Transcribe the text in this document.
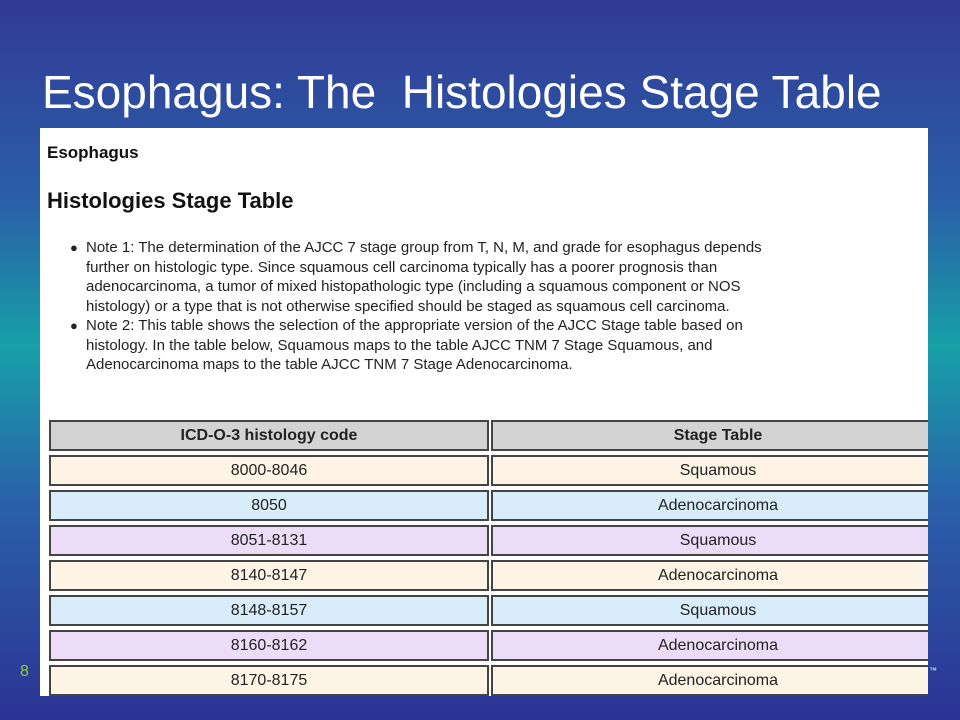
Esophagus: The  Histologies Stage Table
Esophagus
Histologies Stage Table
● Note 1: The determination of the AJCC 7 stage group from T, N, M, and grade for esophagus depends further on histologic type. Since squamous cell carcinoma typically has a poorer prognosis than adenocarcinoma, a tumor of mixed histopathologic type (including a squamous component or NOS histology) or a type that is not otherwise specified should be staged as squamous cell carcinoma.
● Note 2: This table shows the selection of the appropriate version of the AJCC Stage table based on histology. In the table below, Squamous maps to the table AJCC TNM 7 Stage Squamous, and Adenocarcinoma maps to the table AJCC TNM 7 Stage Adenocarcinoma.
ICD-O-3 histology code	Stage Table
8000-8046	Squamous
8050	Adenocarcinoma
8051-8131	Squamous
8140-8147	Adenocarcinoma
8148-8157	Squamous
8160-8162	Adenocarcinoma
8170-8175	Adenocarcinoma
8	™
